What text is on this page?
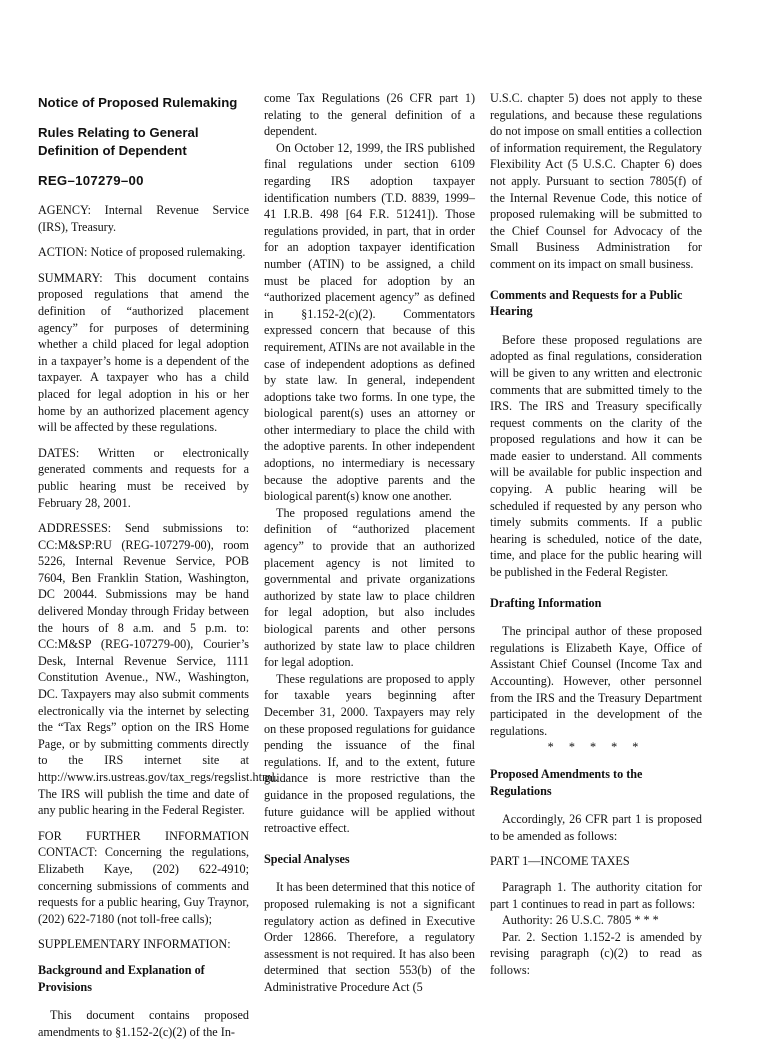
Notice of Proposed Rulemaking

Rules Relating to General Definition of Dependent

REG–107279–00

AGENCY: Internal Revenue Service (IRS), Treasury.

ACTION: Notice of proposed rulemaking.

SUMMARY: This document contains proposed regulations that amend the definition of “authorized placement agency” for purposes of determining whether a child placed for legal adoption in a taxpayer’s home is a dependent of the taxpayer. A taxpayer who has a child placed for legal adoption in his or her home by an authorized placement agency will be affected by these regulations.

DATES: Written or electronically generated comments and requests for a public hearing must be received by February 28, 2001.

ADDRESSES: Send submissions to: CC:M&SP:RU (REG-107279-00), room 5226, Internal Revenue Service, POB 7604, Ben Franklin Station, Washington, DC 20044. Submissions may be hand delivered Monday through Friday between the hours of 8 a.m. and 5 p.m. to: CC:M&SP (REG-107279-00), Courier’s Desk, Internal Revenue Service, 1111 Constitution Avenue., NW., Washington, DC. Taxpayers may also submit comments electronically via the internet by selecting the “Tax Regs” option on the IRS Home Page, or by submitting comments directly to the IRS internet site at http://www.irs.ustreas.gov/tax_regs/regslist.html. The IRS will publish the time and date of any public hearing in the Federal Register.

FOR FURTHER INFORMATION CONTACT: Concerning the regulations, Elizabeth Kaye, (202) 622-4910; concerning submissions of comments and requests for a public hearing, Guy Traynor, (202) 622-7180 (not toll-free calls);

SUPPLEMENTARY INFORMATION:

Background and Explanation of Provisions

This document contains proposed amendments to §1.152-2(c)(2) of the In-

come Tax Regulations (26 CFR part 1) relating to the general definition of a dependent.

On October 12, 1999, the IRS published final regulations under section 6109 regarding IRS adoption taxpayer identification numbers (T.D. 8839, 1999–41 I.R.B. 498 [64 F.R. 51241]). Those regulations provided, in part, that in order for an adoption taxpayer identification number (ATIN) to be assigned, a child must be placed for adoption by an “authorized placement agency” as defined in §1.152-2(c)(2). Commentators expressed concern that because of this requirement, ATINs are not available in the case of independent adoptions as defined by state law. In general, independent adoptions take two forms. In one type, the biological parent(s) uses an attorney or other intermediary to place the child with the adoptive parents. In other independent adoptions, no intermediary is necessary because the adoptive parents and the biological parent(s) know one another.

The proposed regulations amend the definition of “authorized placement agency” to provide that an authorized placement agency is not limited to governmental and private organizations authorized by state law to place children for legal adoption, but also includes biological parents and other persons authorized by state law to place children for legal adoption.

These regulations are proposed to apply for taxable years beginning after December 31, 2000. Taxpayers may rely on these proposed regulations for guidance pending the issuance of the final regulations. If, and to the extent, future guidance is more restrictive than the guidance in the proposed regulations, the future guidance will be applied without retroactive effect.

Special Analyses

It has been determined that this notice of proposed rulemaking is not a significant regulatory action as defined in Executive Order 12866. Therefore, a regulatory assessment is not required. It has also been determined that section 553(b) of the Administrative Procedure Act (5

U.S.C. chapter 5) does not apply to these regulations, and because these regulations do not impose on small entities a collection of information requirement, the Regulatory Flexibility Act (5 U.S.C. Chapter 6) does not apply. Pursuant to section 7805(f) of the Internal Revenue Code, this notice of proposed rulemaking will be submitted to the Chief Counsel for Advocacy of the Small Business Administration for comment on its impact on small business.

Comments and Requests for a Public Hearing

Before these proposed regulations are adopted as final regulations, consideration will be given to any written and electronic comments that are submitted timely to the IRS. The IRS and Treasury specifically request comments on the clarity of the proposed regulations and how it can be made easier to understand. All comments will be available for public inspection and copying. A public hearing will be scheduled if requested by any person who timely submits comments. If a public hearing is scheduled, notice of the date, time, and place for the public hearing will be published in the Federal Register.

Drafting Information

The principal author of these proposed regulations is Elizabeth Kaye, Office of Assistant Chief Counsel (Income Tax and Accounting). However, other personnel from the IRS and the Treasury Department participated in the development of the regulations.

* * * * *

Proposed Amendments to the Regulations

Accordingly, 26 CFR part 1 is proposed to be amended as follows:

PART 1—INCOME TAXES

Paragraph 1. The authority citation for part 1 continues to read in part as follows:

Authority: 26 U.S.C. 7805 * * *

Par. 2. Section 1.152-2 is amended by revising paragraph (c)(2) to read as follows:
